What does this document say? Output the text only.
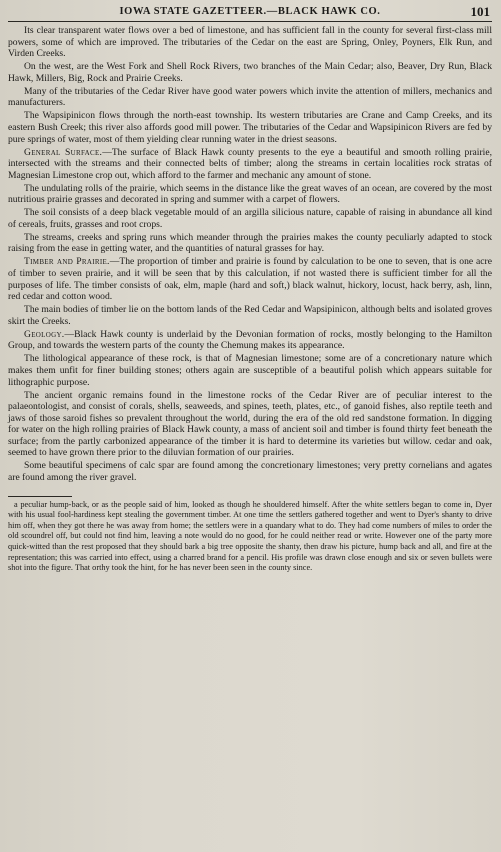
IOWA STATE GAZETTEER.—BLACK HAWK CO.	101

Its clear transparent water flows over a bed of limestone, and has sufficient fall in the county for several first-class mill powers, some of which are improved. The tributaries of the Cedar on the east are Spring, Onley, Poyners, Elk Run, and Virden Creeks.

On the west, are the West Fork and Shell Rock Rivers, two branches of the Main Cedar; also, Beaver, Dry Run, Black Hawk, Millers, Big, Rock and Prairie Creeks.

Many of the tributaries of the Cedar River have good water powers which invite the attention of millers, mechanics and manufacturers.

The Wapsipinicon flows through the north-east township. Its western tributaries are Crane and Camp Creeks, and its eastern Bush Creek; this river also affords good mill power. The tributaries of the Cedar and Wapsipinicon Rivers are fed by pure springs of water, most of them yielding clear running water in the driest seasons.

General Surface.—The surface of Black Hawk county presents to the eye a beautiful and smooth rolling prairie, intersected with the streams and their connected belts of timber; along the streams in certain localities rock stratas of Magnesian Limestone crop out, which afford to the farmer and mechanic any amount of stone.

The undulating rolls of the prairie, which seems in the distance like the great waves of an ocean, are covered by the most nutritious prairie grasses and decorated in spring and summer with a carpet of flowers.

The soil consists of a deep black vegetable mould of an argilla silicious nature, capable of raising in abundance all kind of cereals, fruits, grasses and root crops.

The streams, creeks and spring runs which meander through the prairies makes the county peculiarly adapted to stock raising from the ease in getting water, and the quantities of natural grasses for hay.

Timber and Prairie.—The proportion of timber and prairie is found by calculation to be one to seven, that is one acre of timber to seven prairie, and it will be seen that by this calculation, if not wasted there is sufficient timber for all the purposes of life. The timber consists of oak, elm, maple (hard and soft,) black walnut, hickory, locust, hack berry, ash, linn, red cedar and cotton wood.

The main bodies of timber lie on the bottom lands of the Red Cedar and Wapsipinicon, although belts and isolated groves skirt the Creeks.

Geology.—Black Hawk county is underlaid by the Devonian formation of rocks, mostly belonging to the Hamilton Group, and towards the western parts of the county the Chemung makes its appearance.

The lithological appearance of these rock, is that of Magnesian limestone; some are of a concretionary nature which makes them unfit for finer building stones; others again are susceptible of a beautiful polish which appears suitable for lithographic purpose.

The ancient organic remains found in the limestone rocks of the Cedar River are of peculiar interest to the palaeontologist, and consist of corals, shells, seaweeds, and spines, teeth, plates, etc., of ganoid fishes, also reptile teeth and jaws of those saroid fishes so prevalent throughout the world, during the era of the old red sandstone formation. In digging for water on the high rolling prairies of Black Hawk county, a mass of ancient soil and timber is found thirty feet beneath the surface; from the partly carbonized appearance of the timber it is hard to determine its varieties but willow. cedar and oak, seemed to have grown there prior to the diluvian formation of our prairies.

Some beautiful specimens of calc spar are found among the concretionary limestones; very pretty cornelians and agates are found among the river gravel.

a peculiar hump-back, or as the people said of him, looked as though he shouldered himself. After the white settlers began to come in, Dyer with his usual fool-hardiness kept stealing the government timber. At one time the settlers gathered together and went to Dyer's shanty to drive him off, when they got there he was away from home; the settlers were in a quandary what to do. They had come numbers of miles to order the old scoundrel off, but could not find him, leaving a note would do no good, for he could neither read or write. However one of the party more quick-witted than the rest proposed that they should bark a big tree opposite the shanty, then draw his picture, hump back and all, and fire at the representation; this was carried into effect, using a charred brand for a pencil. His profile was drawn close enough and six or seven bullets were shot into the figure. That orthy took the hint, for he has never been seen in the county since.
